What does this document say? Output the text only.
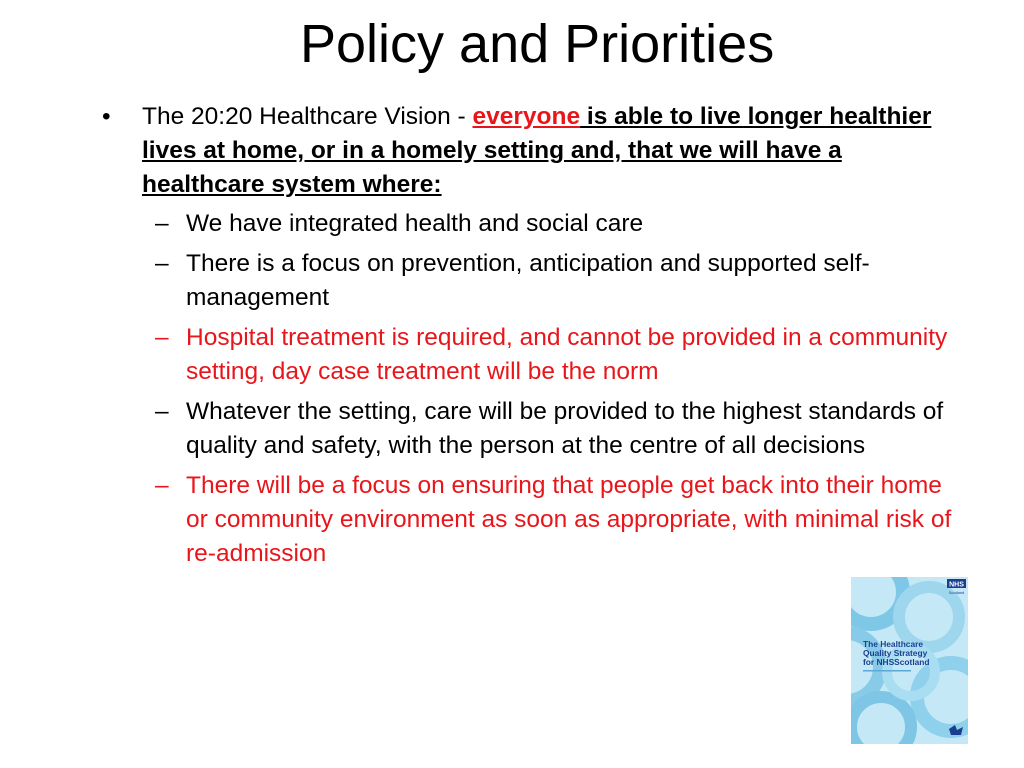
Policy and Priorities
• The 20:20 Healthcare Vision - everyone is able to live longer healthier lives at home, or in a homely setting and, that we will have a healthcare system where:
– We have integrated health and social care
– There is a focus on prevention, anticipation and supported self-management
– Hospital treatment is required, and cannot be provided in a community setting, day case treatment will be the norm
– Whatever the setting, care will be provided to the highest standards of quality and safety, with the person at the centre of all decisions
– There will be a focus on ensuring that people get back into their home or community environment as soon as appropriate, with minimal risk of re-admission
NHS
Scotland
The Healthcare
Quality Strategy
for NHSScotland
